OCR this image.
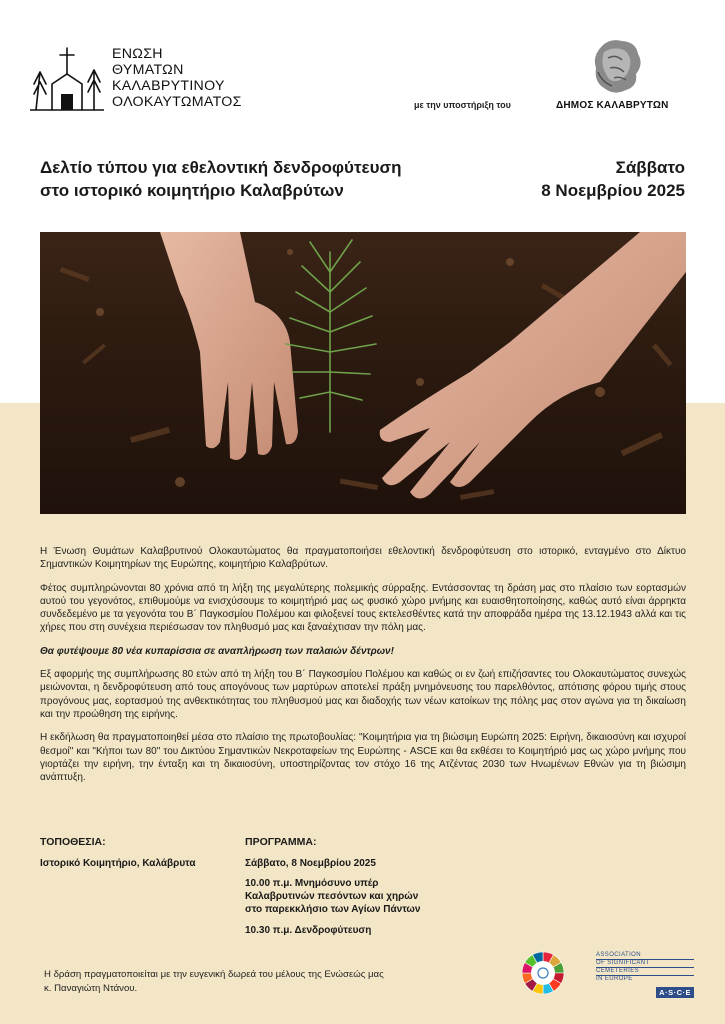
ΕΝΩΣΗ
ΘΥΜΑΤΩΝ
ΚΑΛΑΒΡΥΤΙΝΟΥ
ΟΛΟΚΑΥΤΩΜΑΤΟΣ	με την υποστήριξη του	ΔΗΜΟΣ ΚΑΛΑΒΡΥΤΩΝ
Δελτίο τύπου για εθελοντική δενδροφύτευση
στο ιστορικό κοιμητήριο Καλαβρύτων
Σάββατο
8 Νοεμβρίου 2025

Η Ένωση Θυμάτων Καλαβρυτινού Ολοκαυτώματος θα πραγματοποιήσει εθελοντική δενδροφύτευση στο ιστορικό, ενταγμένο στο Δίκτυο Σημαντικών Κοιμητηρίων της Ευρώπης, κοιμητήριο Καλαβρύτων.

Φέτος συμπληρώνονται 80 χρόνια από τη λήξη της μεγαλύτερης πολεμικής σύρραξης. Εντάσσοντας τη δράση μας στο πλαίσιο των εορτασμών αυτού του γεγονότος, επιθυμούμε να ενισχύσουμε το κοιμητήριό μας ως φυσικό χώρο μνήμης και ευαισθητοποίησης, καθώς αυτό είναι άρρηκτα συνδεδεμένο με τα γεγονότα του Β΄ Παγκοσμίου Πολέμου και φιλοξενεί τους εκτελεσθέντες κατά την αποφράδα ημέρα της 13.12.1943 αλλά και τις χήρες που στη συνέχεια περιέσωσαν τον πληθυσμό μας και ξαναέχτισαν την πόλη μας.

Θα φυτέψουμε 80 νέα κυπαρίσσια σε αναπλήρωση των παλαιών δέντρων!

Εξ αφορμής της συμπλήρωσης 80 ετών από τη λήξη του Β΄ Παγκοσμίου Πολέμου και καθώς οι εν ζωή επιζήσαντες του Ολοκαυτώματος συνεχώς μειώνονται, η δενδροφύτευση από τους απογόνους των μαρτύρων αποτελεί πράξη μνημόνευσης του παρελθόντος, απότισης φόρου τιμής στους προγόνους μας, εορτασμού της ανθεκτικότητας του πληθυσμού μας και διαδοχής των νέων κατοίκων της πόλης μας στον αγώνα για τη δικαίωση και την προώθηση της ειρήνης.

Η εκδήλωση θα πραγματοποιηθεί μέσα στο πλαίσιο της πρωτοβουλίας: "Κοιμητήρια για τη βιώσιμη Ευρώπη 2025: Ειρήνη, δικαιοσύνη και ισχυροί θεσμοί" και "Κήποι των 80" του Δικτύου Σημαντικών Νεκροταφείων της Ευρώπης - ASCE και θα εκθέσει το Κοιμητήριό μας ως χώρο μνήμης που γιορτάζει την ειρήνη, την ένταξη και τη δικαιοσύνη, υποστηρίζοντας τον στόχο 16 της Ατζέντας 2030 των Ηνωμένων Εθνών για τη βιώσιμη ανάπτυξη.

ΤΟΠΟΘΕΣΙΑ:
Ιστορικό Κοιμητήριο, Καλάβρυτα
ΠΡΟΓΡΑΜΜΑ:
Σάββατο, 8 Νοεμβρίου 2025
10.00 π.μ. Μνημόσυνο υπέρ
Καλαβρυτινών πεσόντων και χηρών
στο παρεκκλήσιο των Αγίων Πάντων
10.30 π.μ. Δενδροφύτευση
Η δράση πραγματοποιείται με την ευγενική δωρεά του μέλους της Ενώσεώς μας
κ. Παναγιώτη Ντάνου.
ASSOCIATION
OF SIGNIFICANT
CEMETERIES
IN EUROPE
A·S·C·E
